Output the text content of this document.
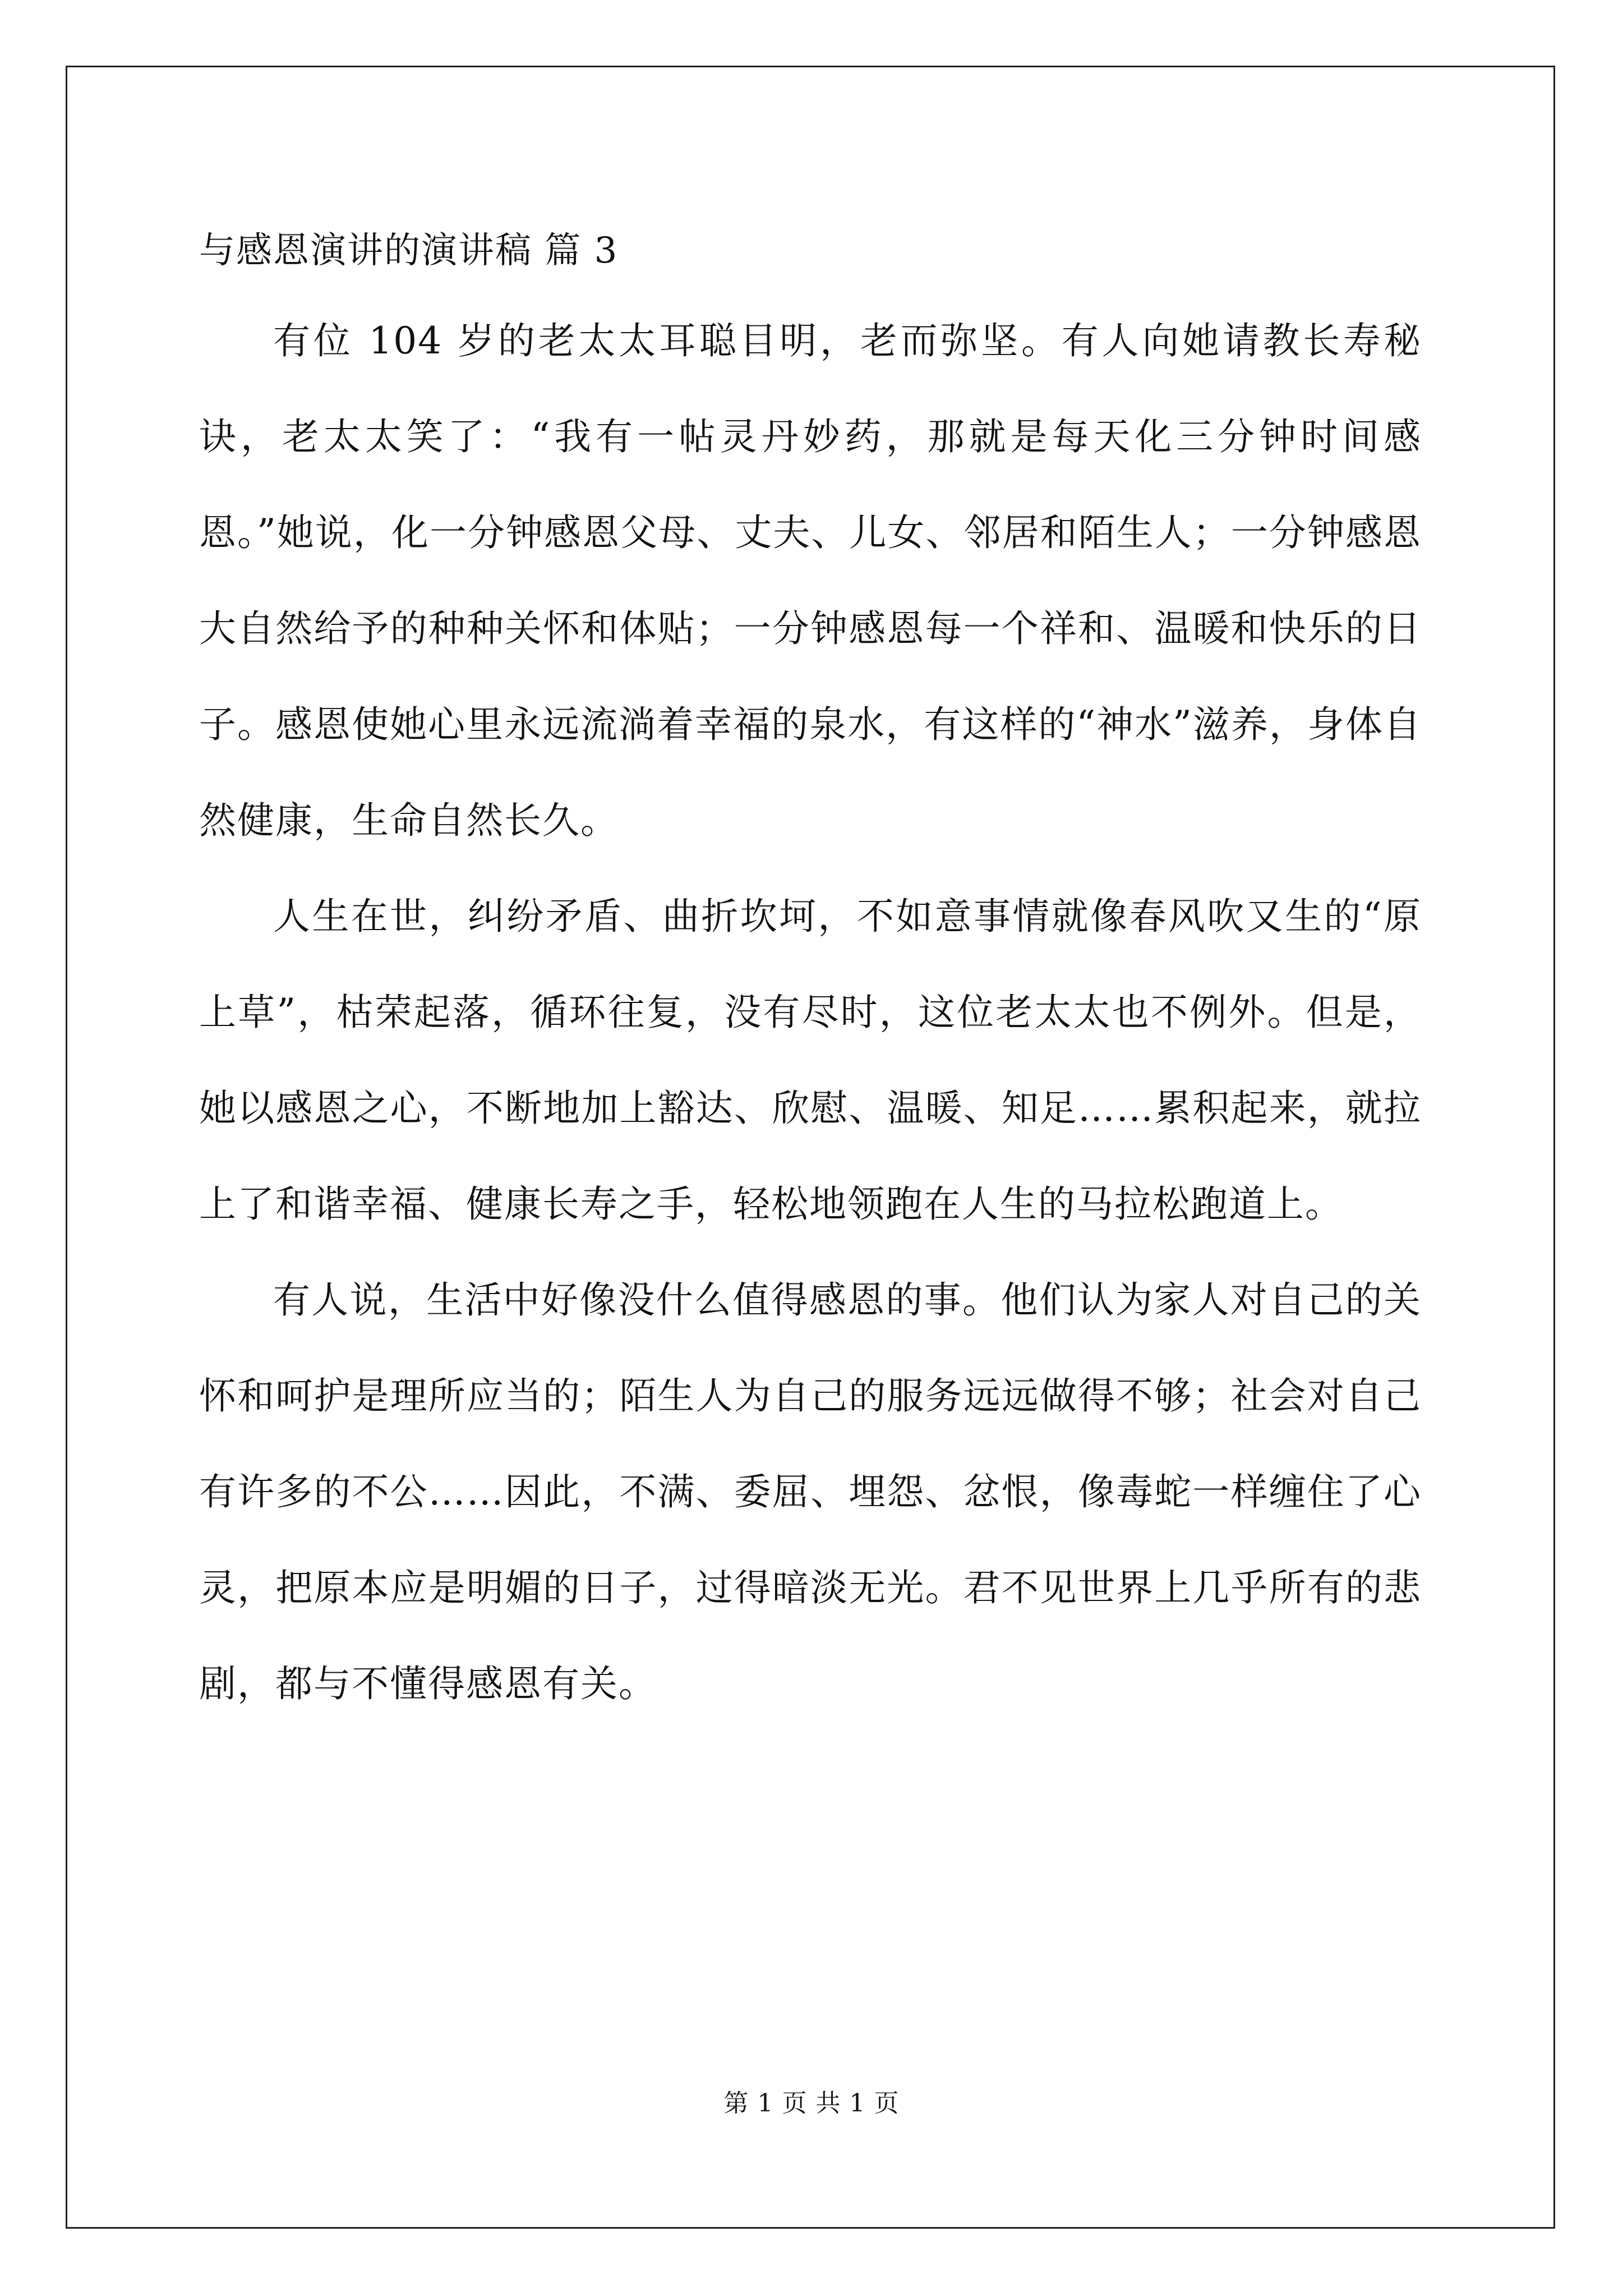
与感恩演讲的演讲稿 篇 3

有位 104 岁的老太太耳聪目明，老而弥坚。有人向她请教长寿秘诀，老太太笑了：“我有一帖灵丹妙药，那就是每天化三分钟时间感恩。”她说，化一分钟感恩父母、丈夫、儿女、邻居和陌生人；一分钟感恩大自然给予的种种关怀和体贴；一分钟感恩每一个祥和、温暖和快乐的日子。感恩使她心里永远流淌着幸福的泉水，有这样的“神水”滋养，身体自然健康，生命自然长久。

人生在世，纠纷矛盾、曲折坎坷，不如意事情就像春风吹又生的“原上草”，枯荣起落，循环往复，没有尽时，这位老太太也不例外。但是，她以感恩之心，不断地加上豁达、欣慰、温暖、知足……累积起来，就拉上了和谐幸福、健康长寿之手，轻松地领跑在人生的马拉松跑道上。

有人说，生活中好像没什么值得感恩的事。他们认为家人对自己的关怀和呵护是理所应当的；陌生人为自己的服务远远做得不够；社会对自己有许多的不公……因此，不满、委屈、埋怨、忿恨，像毒蛇一样缠住了心灵，把原本应是明媚的日子，过得暗淡无光。君不见世界上几乎所有的悲剧，都与不懂得感恩有关。

第 1 页 共 1 页
